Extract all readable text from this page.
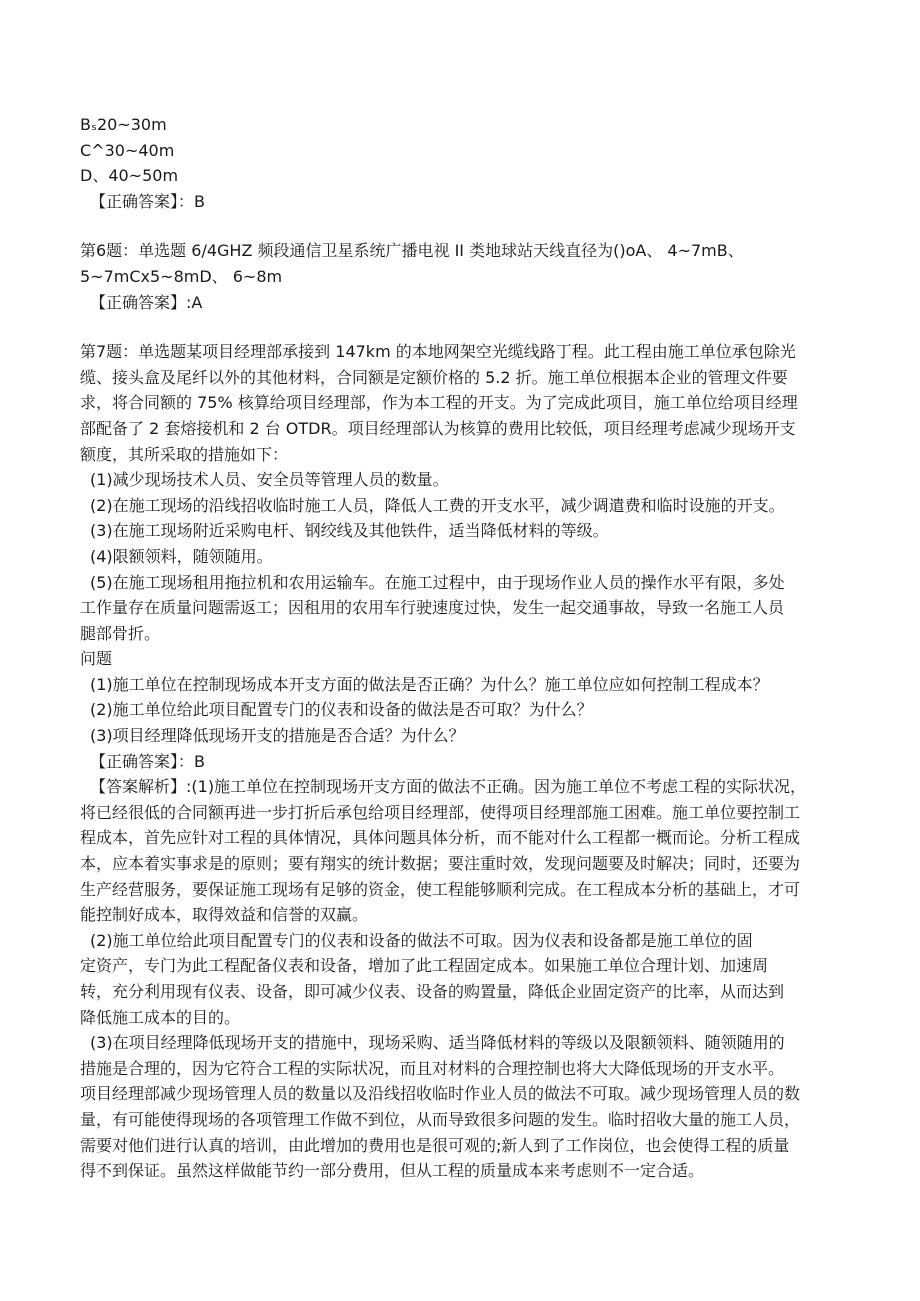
Bₛ20~30m
C^30~40m
D、40~50m
【正确答案】：B
第6题：单选题 6/4GHZ 频段通信卫星系统广播电视 II 类地球站天线直径为()oA、 4~7mB、
5~7mCx5~8mD、 6~8m
【正确答案】:A
第7题：单选题某项目经理部承接到 147km 的本地网架空光缆线路丁程。此工程由施工单位承包除光
缆、接头盒及尾纤以外的其他材料，合同额是定额价格的 5.2 折。施工单位根据本企业的管理文件要
求，将合同额的 75% 核算给项目经理部，作为本工程的开支。为了完成此项目，施工单位给项目经理
部配备了 2 套熔接机和 2 台 OTDR。项目经理部认为核算的费用比较低，项目经理考虑减少现场开支
额度，其所采取的措施如下：
(1)减少现场技术人员、安全员等管理人员的数量。
(2)在施工现场的沿线招收临时施工人员，降低人工费的开支水平，减少调遣费和临时设施的开支。
(3)在施工现场附近采购电杆、钢绞线及其他铁件，适当降低材料的等级。
(4)限额领料，随领随用。
(5)在施工现场租用拖拉机和农用运输车。在施工过程中，由于现场作业人员的操作水平有限，多处
工作量存在质量问题需返工；因租用的农用车行驶速度过快，发生一起交通事故，导致一名施工人员
腿部骨折。
问题
(1)施工单位在控制现场成本开支方面的做法是否正确？为什么？施工单位应如何控制工程成本？
(2)施工单位给此项目配置专门的仪表和设备的做法是否可取？为什么？
(3)项目经理降低现场开支的措施是否合适？为什么？
【正确答案】：B
【答案解析】:(1)施工单位在控制现场开支方面的做法不正确。因为施工单位不考虑工程的实际状况，
将已经很低的合同额再进一步打折后承包给项目经理部，使得项目经理部施工困难。施工单位要控制工
程成本，首先应针对工程的具体情况，具体问题具体分析，而不能对什么工程都一概而论。分析工程成
本，应本着实事求是的原则；要有翔实的统计数据；要注重时效，发现问题要及时解决；同时，还要为
生产经营服务，要保证施工现场有足够的资金，使工程能够顺利完成。在工程成本分析的基础上，才可
能控制好成本，取得效益和信誉的双赢。
(2)施工单位给此项目配置专门的仪表和设备的做法不可取。因为仪表和设备都是施工单位的固
定资产，专门为此工程配备仪表和设备，增加了此工程固定成本。如果施工单位合理计划、加速周
转，充分利用现有仪表、设备，即可减少仪表、设备的购置量，降低企业固定资产的比率，从而达到
降低施工成本的目的。
(3)在项目经理降低现场开支的措施中，现场采购、适当降低材料的等级以及限额领料、随领随用的
措施是合理的，因为它符合工程的实际状况，而且对材料的合理控制也将大大降低现场的开支水平。
项目经理部减少现场管理人员的数量以及沿线招收临时作业人员的做法不可取。减少现场管理人员的数
量，有可能使得现场的各项管理工作做不到位，从而导致很多问题的发生。临时招收大量的施工人员，
需要对他们进行认真的培训，由此增加的费用也是很可观的;新人到了工作岗位，也会使得工程的质量
得不到保证。虽然这样做能节约一部分费用，但从工程的质量成本来考虑则不一定合适。
